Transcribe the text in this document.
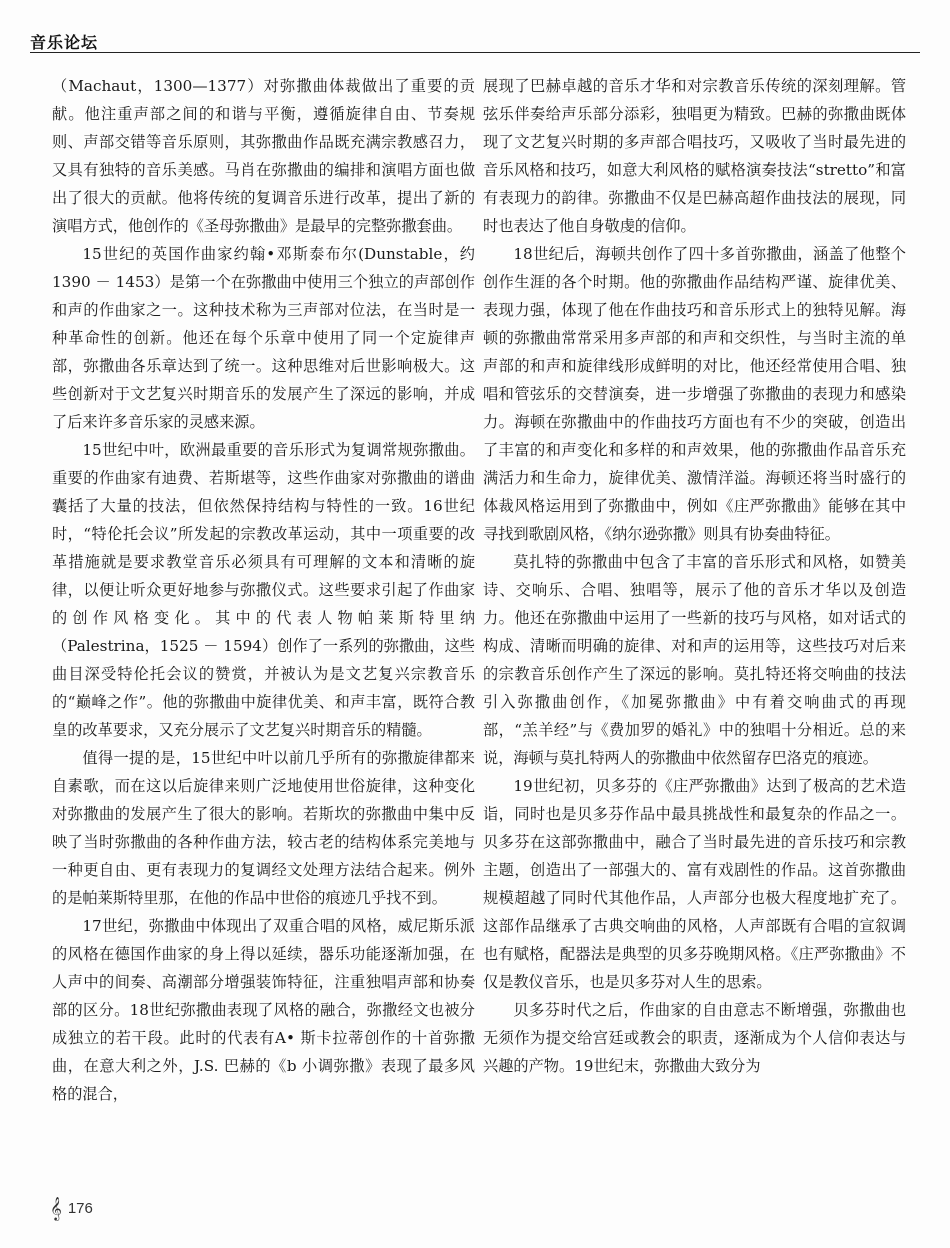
音乐论坛

（Machaut，1300—1377）对弥撒曲体裁做出了重要的贡献。他注重声部之间的和谐与平衡，遵循旋律自由、节奏规则、声部交错等音乐原则，其弥撒曲作品既充满宗教感召力，又具有独特的音乐美感。马肖在弥撒曲的编排和演唱方面也做出了很大的贡献。他将传统的复调音乐进行改革，提出了新的演唱方式，他创作的《圣母弥撒曲》是最早的完整弥撒套曲。

15世纪的英国作曲家约翰•邓斯泰布尔(Dunstable，约 1390 － 1453）是第一个在弥撒曲中使用三个独立的声部创作和声的作曲家之一。这种技术称为三声部对位法，在当时是一种革命性的创新。他还在每个乐章中使用了同一个定旋律声部，弥撒曲各乐章达到了统一。这种思维对后世影响极大。这些创新对于文艺复兴时期音乐的发展产生了深远的影响，并成了后来许多音乐家的灵感来源。

15世纪中叶，欧洲最重要的音乐形式为复调常规弥撒曲。重要的作曲家有迪费、若斯堪等，这些作曲家对弥撒曲的谱曲囊括了大量的技法，但依然保持结构与特性的一致。16世纪时，“特伦托会议”所发起的宗教改革运动，其中一项重要的改革措施就是要求教堂音乐必须具有可理解的文本和清晰的旋律，以便让听众更好地参与弥撒仪式。这些要求引起了作曲家的创作风格变化。其中的代表人物帕莱斯特里纳（Palestrina，1525 － 1594）创作了一系列的弥撒曲，这些曲目深受特伦托会议的赞赏，并被认为是文艺复兴宗教音乐的“巅峰之作”。他的弥撒曲中旋律优美、和声丰富，既符合教皇的改革要求，又充分展示了文艺复兴时期音乐的精髓。

值得一提的是，15世纪中叶以前几乎所有的弥撒旋律都来自素歌，而在这以后旋律来则广泛地使用世俗旋律，这种变化对弥撒曲的发展产生了很大的影响。若斯坎的弥撒曲中集中反映了当时弥撒曲的各种作曲方法，较古老的结构体系完美地与一种更自由、更有表现力的复调经文处理方法结合起来。例外的是帕莱斯特里那，在他的作品中世俗的痕迹几乎找不到。

17世纪，弥撒曲中体现出了双重合唱的风格，威尼斯乐派的风格在德国作曲家的身上得以延续，器乐功能逐渐加强，在人声中的间奏、高潮部分增强装饰特征，注重独唱声部和协奏部的区分。18世纪弥撒曲表现了风格的融合，弥撒经文也被分成独立的若干段。此时的代表有A• 斯卡拉蒂创作的十首弥撒曲，在意大利之外，J.S. 巴赫的《b 小调弥撒》表现了最多风格的混合，

展现了巴赫卓越的音乐才华和对宗教音乐传统的深刻理解。管弦乐伴奏给声乐部分添彩，独唱更为精致。巴赫的弥撒曲既体现了文艺复兴时期的多声部合唱技巧，又吸收了当时最先进的音乐风格和技巧，如意大利风格的赋格演奏技法“stretto”和富有表现力的韵律。弥撒曲不仅是巴赫高超作曲技法的展现，同时也表达了他自身敬虔的信仰。

18世纪后，海顿共创作了四十多首弥撒曲，涵盖了他整个创作生涯的各个时期。他的弥撒曲作品结构严谨、旋律优美、表现力强，体现了他在作曲技巧和音乐形式上的独特见解。海顿的弥撒曲常常采用多声部的和声和交织性，与当时主流的单声部的和声和旋律线形成鲜明的对比，他还经常使用合唱、独唱和管弦乐的交替演奏，进一步增强了弥撒曲的表现力和感染力。海顿在弥撒曲中的作曲技巧方面也有不少的突破，创造出了丰富的和声变化和多样的和声效果，他的弥撒曲作品音乐充满活力和生命力，旋律优美、激情洋溢。海顿还将当时盛行的体裁风格运用到了弥撒曲中，例如《庄严弥撒曲》能够在其中寻找到歌剧风格，《纳尔逊弥撒》则具有协奏曲特征。

莫扎特的弥撒曲中包含了丰富的音乐形式和风格，如赞美诗、交响乐、合唱、独唱等，展示了他的音乐才华以及创造力。他还在弥撒曲中运用了一些新的技巧与风格，如对话式的构成、清晰而明确的旋律、对和声的运用等，这些技巧对后来的宗教音乐创作产生了深远的影响。莫扎特还将交响曲的技法引入弥撒曲创作，《加冕弥撒曲》中有着交响曲式的再现部，“羔羊经”与《费加罗的婚礼》中的独唱十分相近。总的来说，海顿与莫扎特两人的弥撒曲中依然留存巴洛克的痕迹。

19世纪初，贝多芬的《庄严弥撒曲》达到了极高的艺术造诣，同时也是贝多芬作品中最具挑战性和最复杂的作品之一。贝多芬在这部弥撒曲中，融合了当时最先进的音乐技巧和宗教主题，创造出了一部强大的、富有戏剧性的作品。这首弥撒曲规模超越了同时代其他作品，人声部分也极大程度地扩充了。这部作品继承了古典交响曲的风格，人声部既有合唱的宣叙调也有赋格，配器法是典型的贝多芬晚期风格。《庄严弥撒曲》不仅是教仪音乐，也是贝多芬对人生的思索。

贝多芬时代之后，作曲家的自由意志不断增强，弥撒曲也无须作为提交给宫廷或教会的职责，逐渐成为个人信仰表达与兴趣的产物。19世纪末，弥撒曲大致分为

𝄞 176
